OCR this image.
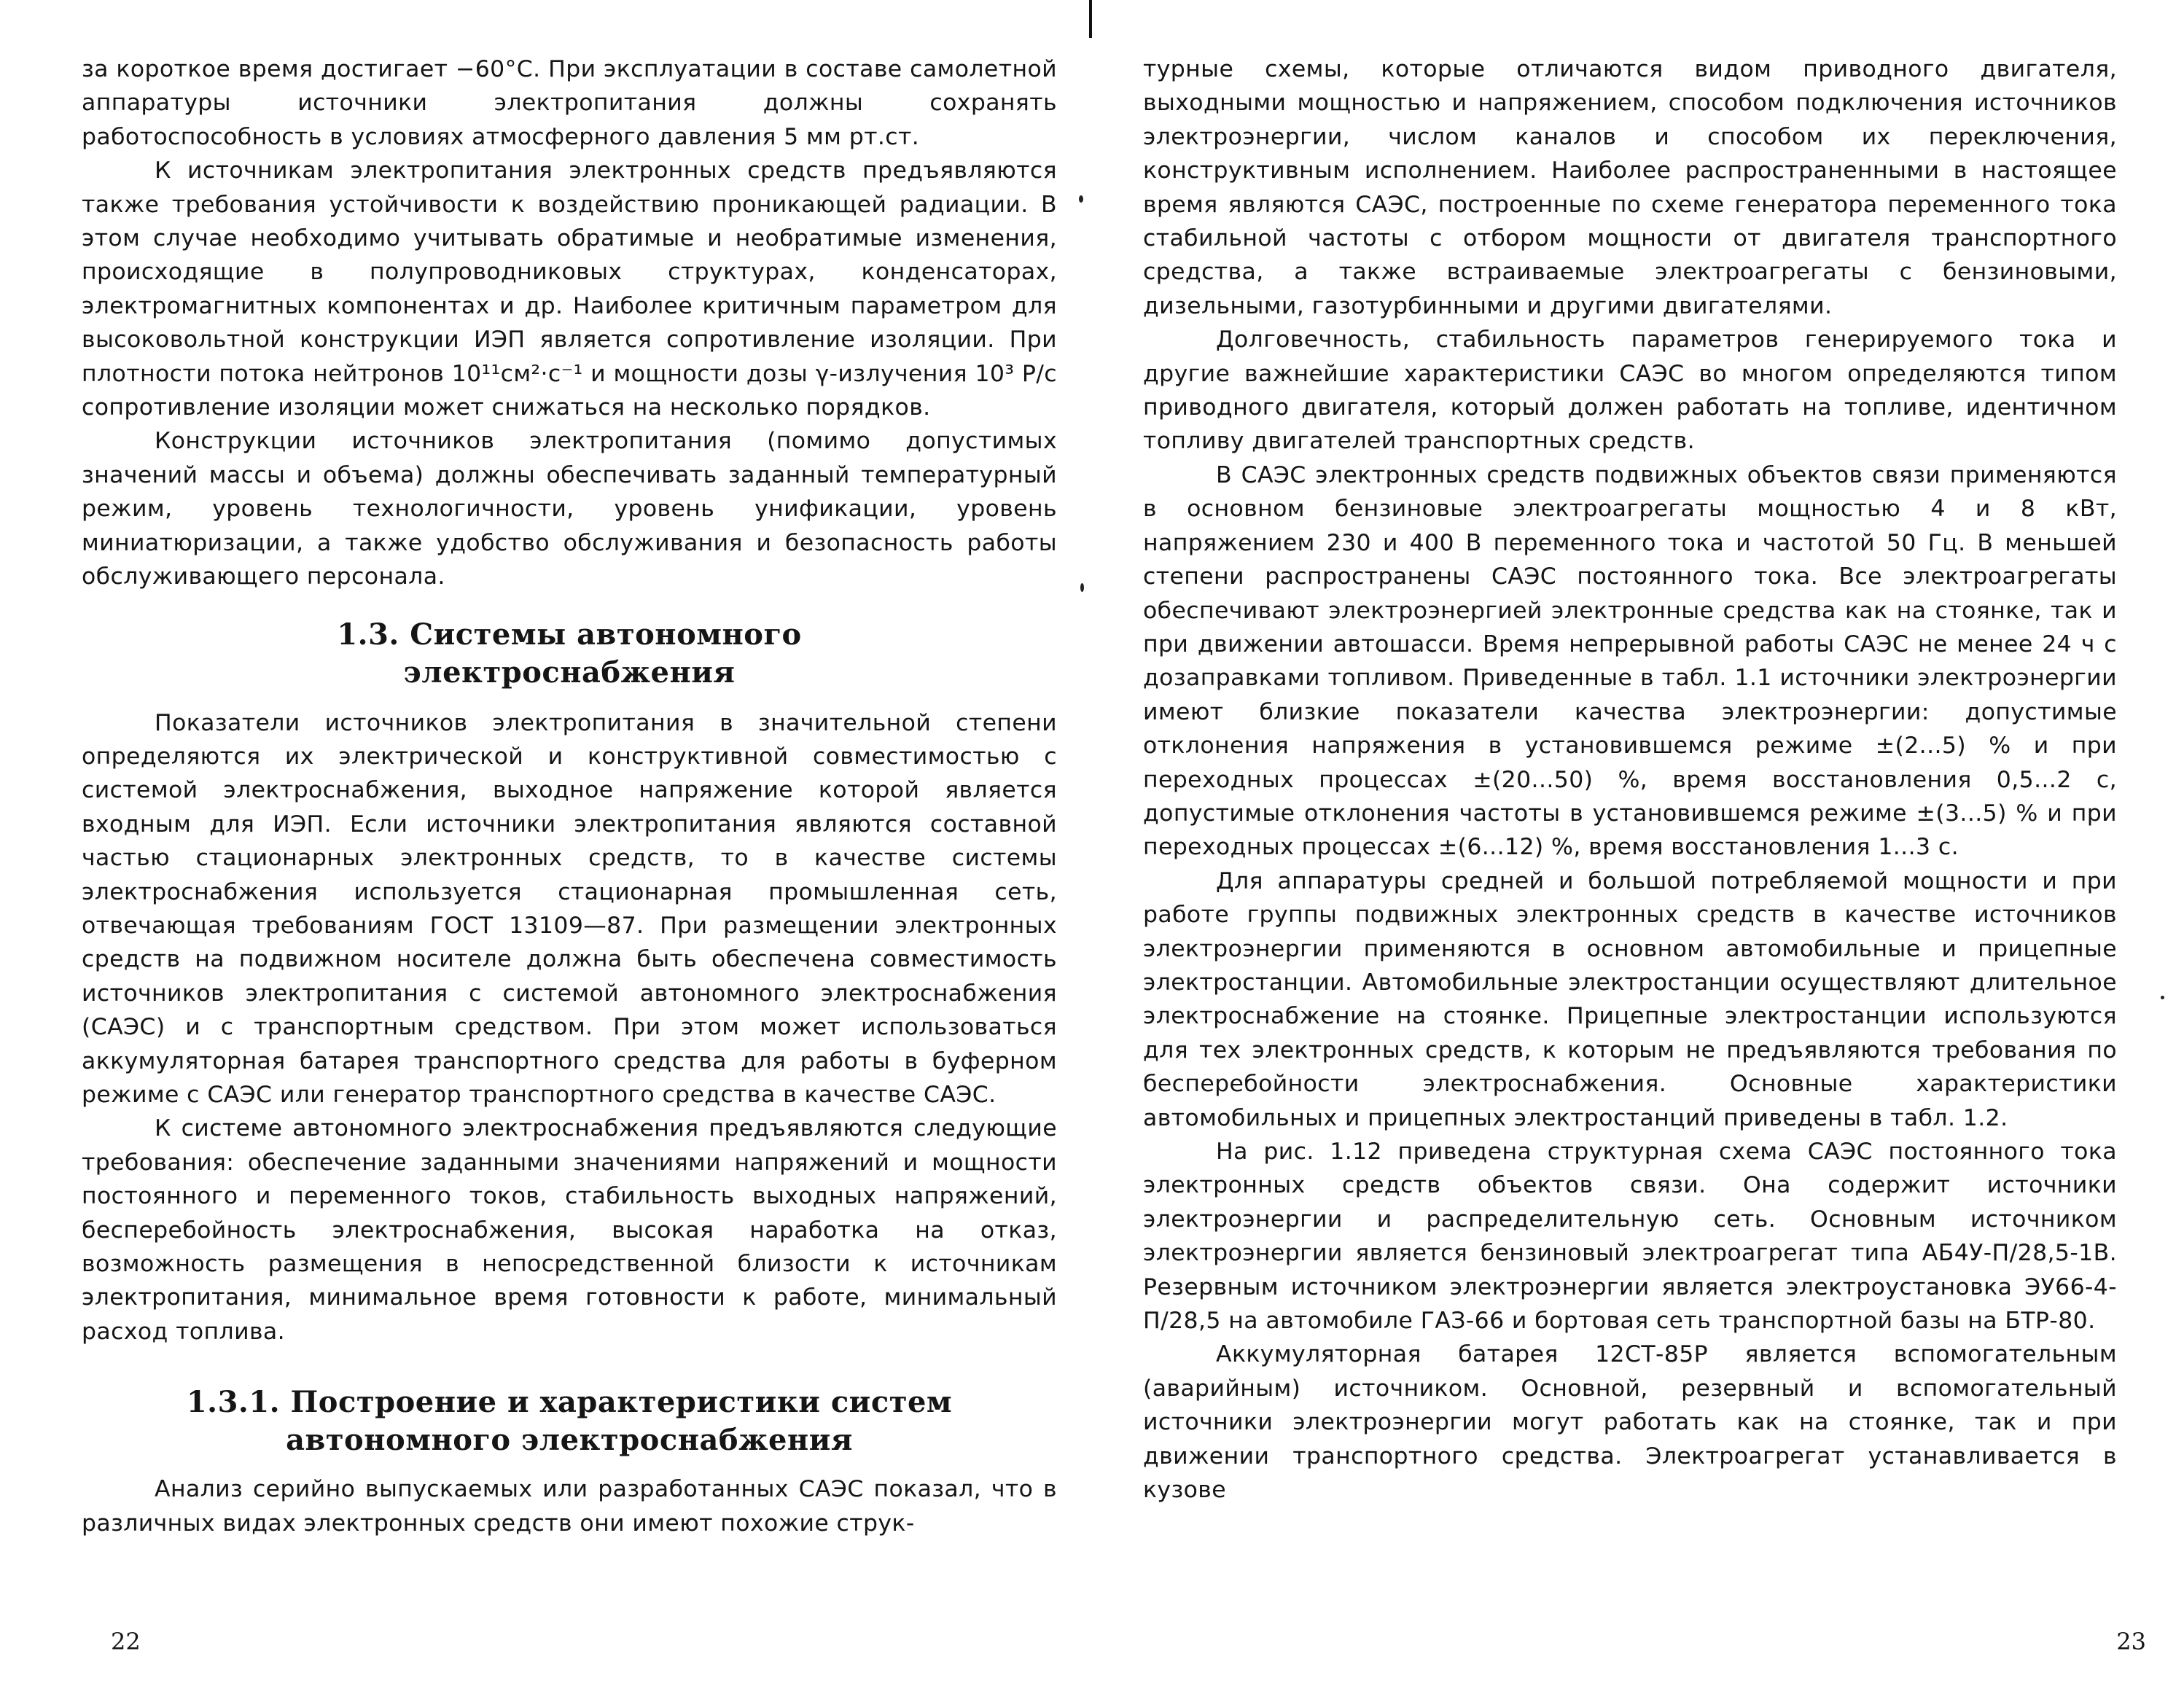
за короткое время достигает −60°C. При эксплуатации в составе самолетной аппаратуры источники электропитания должны сохранять работоспособность в условиях атмосферного давления 5 мм рт.ст.

К источникам электропитания электронных средств предъявляются также требования устойчивости к воздействию проникающей радиации. В этом случае необходимо учитывать обратимые и необратимые изменения, происходящие в полупроводниковых структурах, конденсаторах, электромагнитных компонентах и др. Наиболее критичным параметром для высоковольтной конструкции ИЭП является сопротивление изоляции. При плотности потока нейтронов 10¹¹см²·с⁻¹ и мощности дозы γ-излучения 10³ Р/с сопротивление изоляции может снижаться на несколько порядков.

Конструкции источников электропитания (помимо допустимых значений массы и объема) должны обеспечивать заданный температурный режим, уровень технологичности, уровень унификации, уровень миниатюризации, а также удобство обслуживания и безопасность работы обслуживающего персонала.

1.3. Системы автономного
электроснабжения

Показатели источников электропитания в значительной степени определяются их электрической и конструктивной совместимостью с системой электроснабжения, выходное напряжение которой является входным для ИЭП. Если источники электропитания являются составной частью стационарных электронных средств, то в качестве системы электроснабжения используется стационарная промышленная сеть, отвечающая требованиям ГОСТ 13109—87. При размещении электронных средств на подвижном носителе должна быть обеспечена совместимость источников электропитания с системой автономного электроснабжения (САЭС) и с транспортным средством. При этом может использоваться аккумуляторная батарея транспортного средства для работы в буферном режиме с САЭС или генератор транспортного средства в качестве САЭС.

К системе автономного электроснабжения предъявляются следующие требования: обеспечение заданными значениями напряжений и мощности постоянного и переменного токов, стабильность выходных напряжений, бесперебойность электроснабжения, высокая наработка на отказ, возможность размещения в непосредственной близости к источникам электропитания, минимальное время готовности к работе, минимальный расход топлива.

1.3.1. Построение и характеристики систем
автономного электроснабжения

Анализ серийно выпускаемых или разработанных САЭС показал, что в различных видах электронных средств они имеют похожие струк-

22

турные схемы, которые отличаются видом приводного двигателя, выходными мощностью и напряжением, способом подключения источников электроэнергии, числом каналов и способом их переключения, конструктивным исполнением. Наиболее распространенными в настоящее время являются САЭС, построенные по схеме генератора переменного тока стабильной частоты с отбором мощности от двигателя транспортного средства, а также встраиваемые электроагрегаты с бензиновыми, дизельными, газотурбинными и другими двигателями.

Долговечность, стабильность параметров генерируемого тока и другие важнейшие характеристики САЭС во многом определяются типом приводного двигателя, который должен работать на топливе, идентичном топливу двигателей транспортных средств.

В САЭС электронных средств подвижных объектов связи применяются в основном бензиновые электроагрегаты мощностью 4 и 8 кВт, напряжением 230 и 400 В переменного тока и частотой 50 Гц. В меньшей степени распространены САЭС постоянного тока. Все электроагрегаты обеспечивают электроэнергией электронные средства как на стоянке, так и при движении автошасси. Время непрерывной работы САЭС не менее 24 ч с дозаправками топливом. Приведенные в табл. 1.1 источники электроэнергии имеют близкие показатели качества электроэнергии: допустимые отклонения напряжения в установившемся режиме ±(2...5) % и при переходных процессах ±(20...50) %, время восстановления 0,5...2 с, допустимые отклонения частоты в установившемся режиме ±(3...5) % и при переходных процессах ±(6...12) %, время восстановления 1...3 с.

Для аппаратуры средней и большой потребляемой мощности и при работе группы подвижных электронных средств в качестве источников электроэнергии применяются в основном автомобильные и прицепные электростанции. Автомобильные электростанции осуществляют длительное электроснабжение на стоянке. Прицепные электростанции используются для тех электронных средств, к которым не предъявляются требования по бесперебойности электроснабжения. Основные характеристики автомобильных и прицепных электростанций приведены в табл. 1.2.

На рис. 1.12 приведена структурная схема САЭС постоянного тока электронных средств объектов связи. Она содержит источники электроэнергии и распределительную сеть. Основным источником электроэнергии является бензиновый электроагрегат типа АБ4У-П/28,5-1В. Резервным источником электроэнергии является электроустановка ЭУ66-4-П/28,5 на автомобиле ГАЗ-66 и бортовая сеть транспортной базы на БТР-80.

Аккумуляторная батарея 12СТ-85Р является вспомогательным (аварийным) источником. Основной, резервный и вспомогательный источники электроэнергии могут работать как на стоянке, так и при движении транспортного средства. Электроагрегат устанавливается в кузове

23
